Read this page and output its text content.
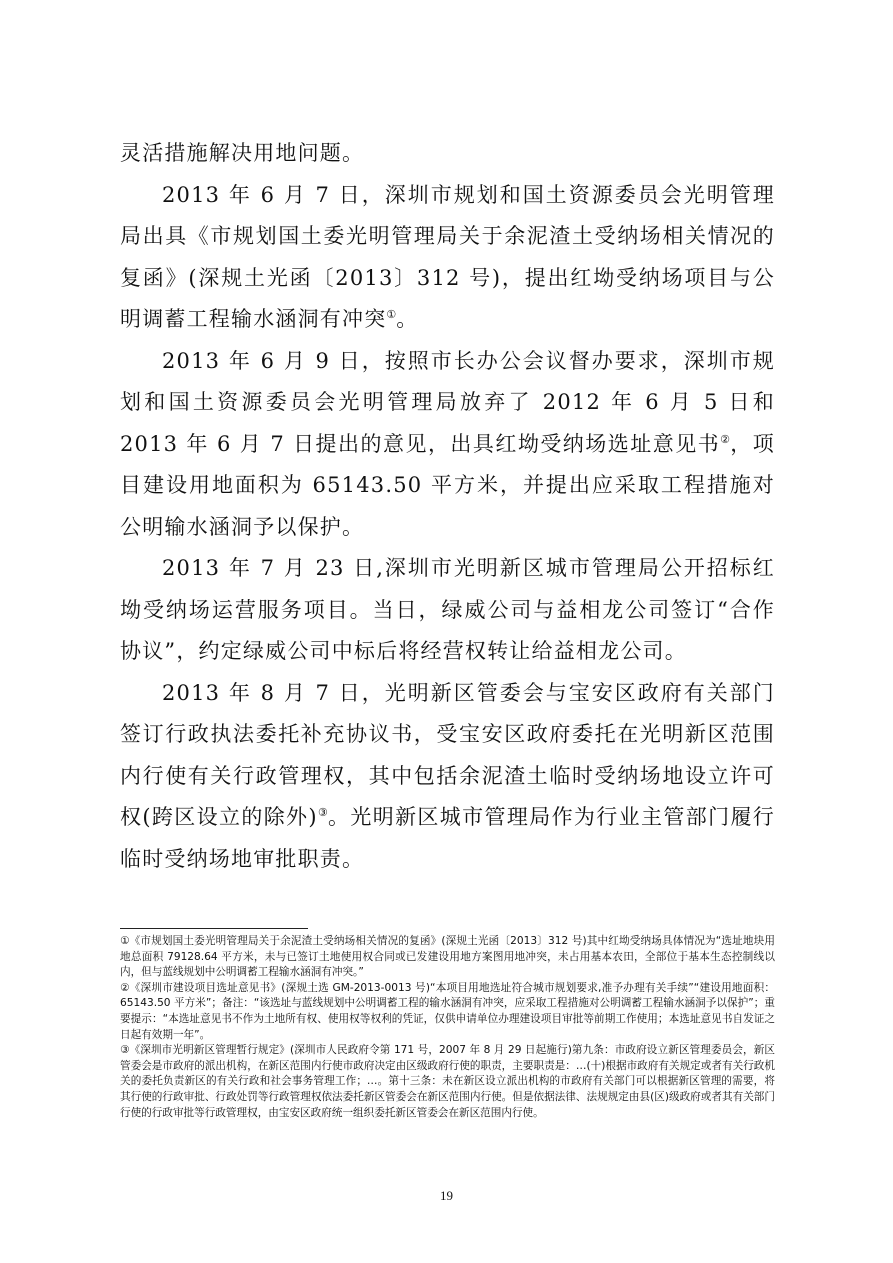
灵活措施解决用地问题。

2013 年 6 月 7 日，深圳市规划和国土资源委员会光明管理局出具《市规划国土委光明管理局关于余泥渣土受纳场相关情况的复函》(深规土光函〔2013〕312 号)，提出红坳受纳场项目与公明调蓄工程输水涵洞有冲突①。

2013 年 6 月 9 日，按照市长办公会议督办要求，深圳市规划和国土资源委员会光明管理局放弃了 2012 年 6 月 5 日和 2013 年 6 月 7 日提出的意见，出具红坳受纳场选址意见书②，项目建设用地面积为 65143.50 平方米，并提出应采取工程措施对公明输水涵洞予以保护。

2013 年 7 月 23 日,深圳市光明新区城市管理局公开招标红坳受纳场运营服务项目。当日，绿威公司与益相龙公司签订“合作协议”，约定绿威公司中标后将经营权转让给益相龙公司。

2013 年 8 月 7 日，光明新区管委会与宝安区政府有关部门签订行政执法委托补充协议书，受宝安区政府委托在光明新区范围内行使有关行政管理权，其中包括余泥渣土临时受纳场地设立许可权(跨区设立的除外)③。光明新区城市管理局作为行业主管部门履行临时受纳场地审批职责。

①《市规划国土委光明管理局关于余泥渣土受纳场相关情况的复函》(深规土光函〔2013〕312 号)其中红坳受纳场具体情况为“选址地块用地总面积 79128.64 平方米，未与已签订土地使用权合同或已发建设用地方案图用地冲突，未占用基本农田，全部位于基本生态控制线以内，但与蓝线规划中公明调蓄工程输水涵洞有冲突。”

②《深圳市建设项目选址意见书》(深规土选 GM-2013-0013 号)“本项目用地选址符合城市规划要求,准予办理有关手续”“建设用地面积：65143.50 平方米”；备注：“该选址与蓝线规划中公明调蓄工程的输水涵洞有冲突，应采取工程措施对公明调蓄工程输水涵洞予以保护”；重要提示：“本选址意见书不作为土地所有权、使用权等权利的凭证，仅供申请单位办理建设项目审批等前期工作使用；本选址意见书自发证之日起有效期一年”。

③《深圳市光明新区管理暂行规定》(深圳市人民政府令第 171 号，2007 年 8 月 29 日起施行)第九条：市政府设立新区管理委员会，新区管委会是市政府的派出机构，在新区范围内行使市政府决定由区级政府行使的职责，主要职责是：…(十)根据市政府有关规定或者有关行政机关的委托负责新区的有关行政和社会事务管理工作；…。第十三条：未在新区设立派出机构的市政府有关部门可以根据新区管理的需要，将其行使的行政审批、行政处罚等行政管理权依法委托新区管委会在新区范围内行使。但是依据法律、法规规定由县(区)级政府或者其有关部门行使的行政审批等行政管理权，由宝安区政府统一组织委托新区管委会在新区范围内行使。

19
